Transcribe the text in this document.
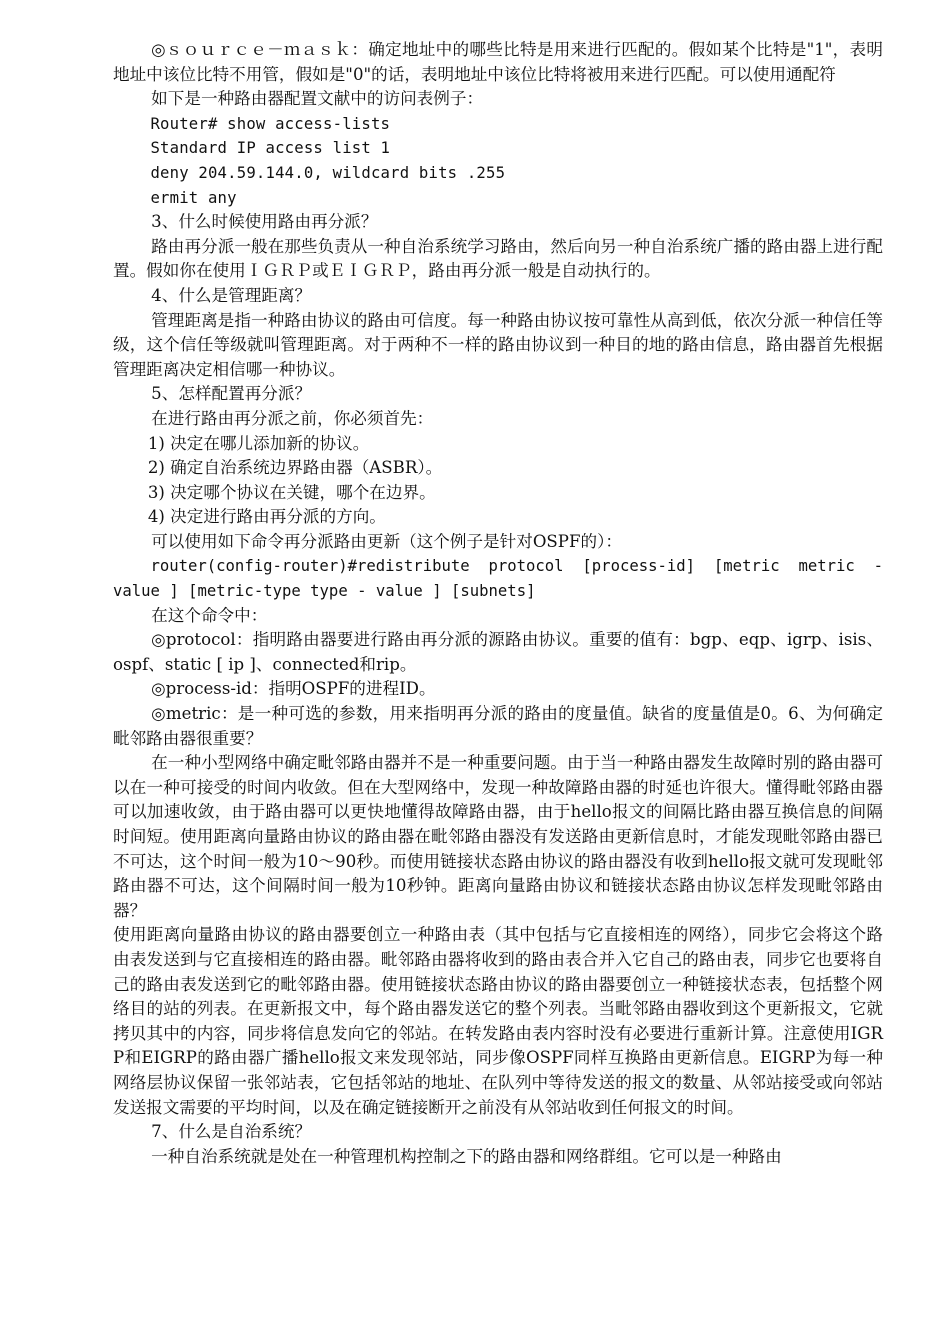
◎ｓｏｕｒｃｅ－ｍａｓｋ：确定地址中的哪些比特是用来进行匹配的。假如某个比特是"1"，表明地址中该位比特不用管，假如是"0"的话，表明地址中该位比特将被用来进行匹配。可以使用通配符

如下是一种路由器配置文献中的访问表例子：

Router# show access-lists

Standard IP access list 1

deny 204.59.144.0, wildcard bits .255

ermit any

3、什么时候使用路由再分派？

路由再分派一般在那些负责从一种自治系统学习路由，然后向另一种自治系统广播的路由器上进行配置。假如你在使用ＩＧＲＰ或ＥＩＧＲＰ，路由再分派一般是自动执行的。

4、什么是管理距离？

管理距离是指一种路由协议的路由可信度。每一种路由协议按可靠性从高到低，依次分派一种信任等级，这个信任等级就叫管理距离。对于两种不一样的路由协议到一种目的地的路由信息，路由器首先根据管理距离决定相信哪一种协议。

5、怎样配置再分派？

在进行路由再分派之前，你必须首先：

1) 决定在哪儿添加新的协议。

2) 确定自治系统边界路由器（ASBR）。

3) 决定哪个协议在关键，哪个在边界。

4) 决定进行路由再分派的方向。

可以使用如下命令再分派路由更新（这个例子是针对OSPF的）：

router(config-router)#redistribute protocol [process-id] [metric metric - value ] [metric-type type - value ] [subnets]

在这个命令中：

◎protocol：指明路由器要进行路由再分派的源路由协议。重要的值有：bgp、eqp、igrp、isis、ospf、static [ ip ]、connected和rip。

◎process-id：指明OSPF的进程ID。

◎metric：是一种可选的参数，用来指明再分派的路由的度量值。缺省的度量值是0。6、为何确定毗邻路由器很重要？

在一种小型网络中确定毗邻路由器并不是一种重要问题。由于当一种路由器发生故障时别的路由器可以在一种可接受的时间内收敛。但在大型网络中，发现一种故障路由器的时延也许很大。懂得毗邻路由器可以加速收敛，由于路由器可以更快地懂得故障路由器，由于hello报文的间隔比路由器互换信息的间隔时间短。使用距离向量路由协议的路由器在毗邻路由器没有发送路由更新信息时，才能发现毗邻路由器已不可达，这个时间一般为10～90秒。而使用链接状态路由协议的路由器没有收到hello报文就可发现毗邻路由器不可达，这个间隔时间一般为10秒钟。距离向量路由协议和链接状态路由协议怎样发现毗邻路由器？

使用距离向量路由协议的路由器要创立一种路由表（其中包括与它直接相连的网络），同步它会将这个路由表发送到与它直接相连的路由器。毗邻路由器将收到的路由表合并入它自己的路由表，同步它也要将自己的路由表发送到它的毗邻路由器。使用链接状态路由协议的路由器要创立一种链接状态表，包括整个网络目的站的列表。在更新报文中，每个路由器发送它的整个列表。当毗邻路由器收到这个更新报文，它就拷贝其中的内容，同步将信息发向它的邻站。在转发路由表内容时没有必要进行重新计算。注意使用IGRP和EIGRP的路由器广播hello报文来发现邻站，同步像OSPF同样互换路由更新信息。EIGRP为每一种网络层协议保留一张邻站表，它包括邻站的地址、在队列中等待发送的报文的数量、从邻站接受或向邻站发送报文需要的平均时间，以及在确定链接断开之前没有从邻站收到任何报文的时间。

7、什么是自治系统？

一种自治系统就是处在一种管理机构控制之下的路由器和网络群组。它可以是一种路由
